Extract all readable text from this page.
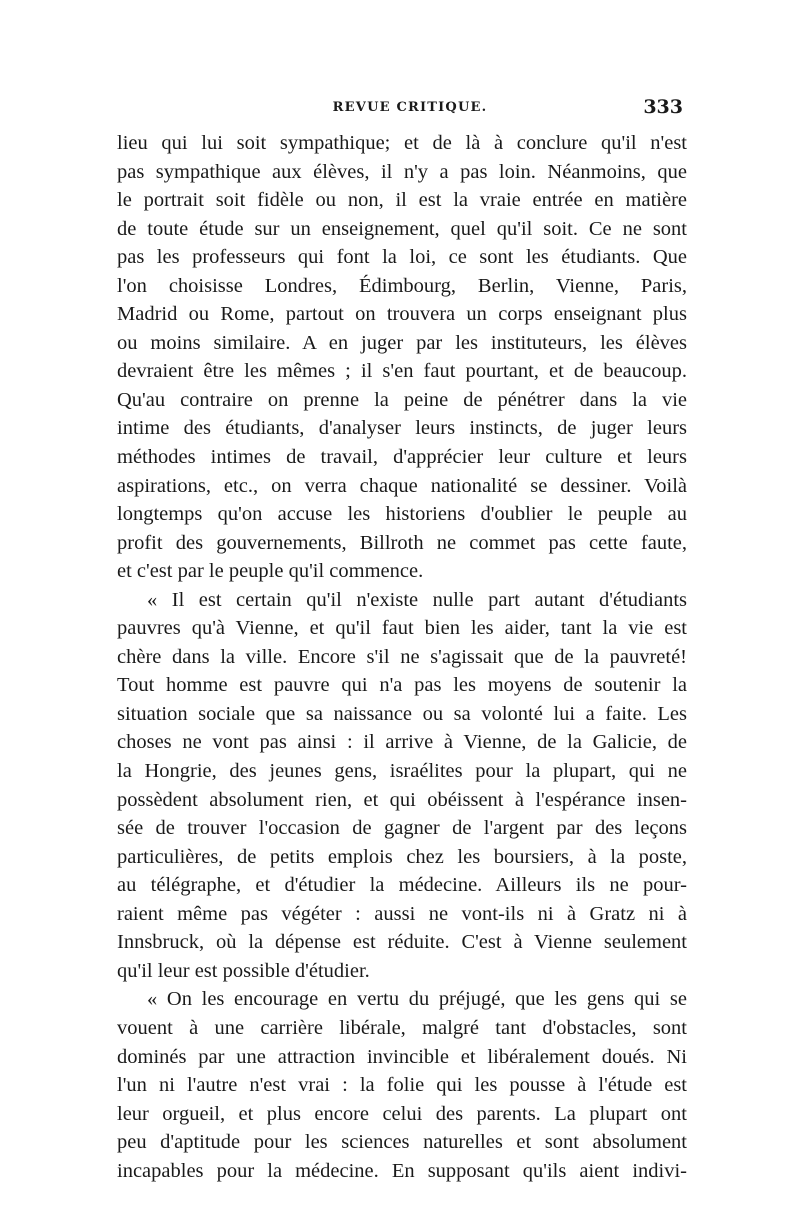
REVUE CRITIQUE.	333
lieu qui lui soit sympathique; et de là à conclure qu'il n'est
pas sympathique aux élèves, il n'y a pas loin. Néanmoins, que
le portrait soit fidèle ou non, il est la vraie entrée en matière
de toute étude sur un enseignement, quel qu'il soit. Ce ne sont
pas les professeurs qui font la loi, ce sont les étudiants. Que
l'on choisisse Londres, Édimbourg, Berlin, Vienne, Paris,
Madrid ou Rome, partout on trouvera un corps enseignant plus
ou moins similaire. A en juger par les instituteurs, les élèves
devraient être les mêmes ; il s'en faut pourtant, et de beaucoup.
Qu'au contraire on prenne la peine de pénétrer dans la vie
intime des étudiants, d'analyser leurs instincts, de juger leurs
méthodes intimes de travail, d'apprécier leur culture et leurs
aspirations, etc., on verra chaque nationalité se dessiner. Voilà
longtemps qu'on accuse les historiens d'oublier le peuple au
profit des gouvernements, Billroth ne commet pas cette faute,
et c'est par le peuple qu'il commence.
« Il est certain qu'il n'existe nulle part autant d'étudiants
pauvres qu'à Vienne, et qu'il faut bien les aider, tant la vie est
chère dans la ville. Encore s'il ne s'agissait que de la pauvreté!
Tout homme est pauvre qui n'a pas les moyens de soutenir la
situation sociale que sa naissance ou sa volonté lui a faite. Les
choses ne vont pas ainsi : il arrive à Vienne, de la Galicie, de
la Hongrie, des jeunes gens, israélites pour la plupart, qui ne
possèdent absolument rien, et qui obéissent à l'espérance insen-
sée de trouver l'occasion de gagner de l'argent par des leçons
particulières, de petits emplois chez les boursiers, à la poste,
au télégraphe, et d'étudier la médecine. Ailleurs ils ne pour-
raient même pas végéter : aussi ne vont-ils ni à Gratz ni à
Innsbruck, où la dépense est réduite. C'est à Vienne seulement
qu'il leur est possible d'étudier.
« On les encourage en vertu du préjugé, que les gens qui se
vouent à une carrière libérale, malgré tant d'obstacles, sont
dominés par une attraction invincible et libéralement doués. Ni
l'un ni l'autre n'est vrai : la folie qui les pousse à l'étude est
leur orgueil, et plus encore celui des parents. La plupart ont
peu d'aptitude pour les sciences naturelles et sont absolument
incapables pour la médecine. En supposant qu'ils aient indivi-
